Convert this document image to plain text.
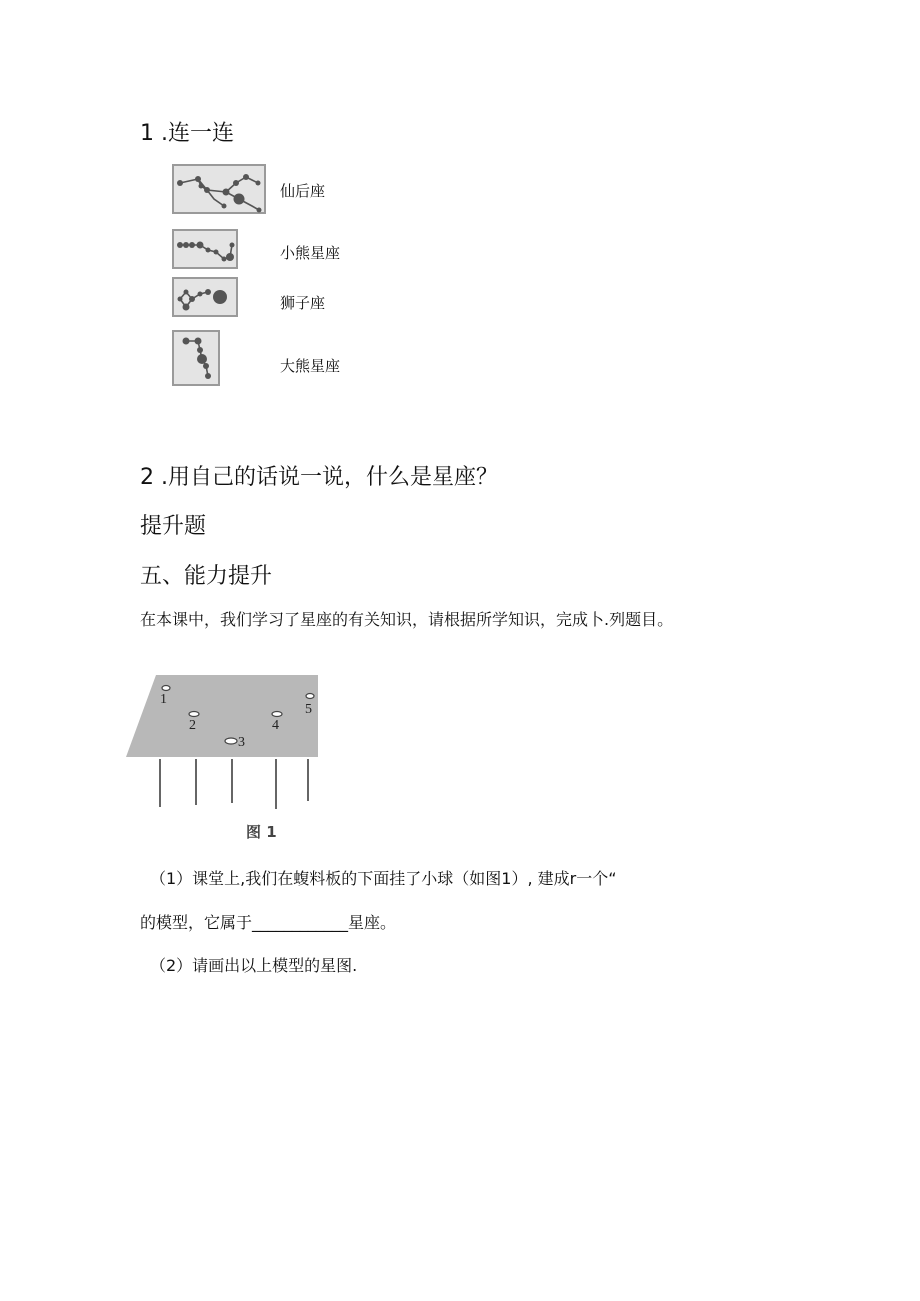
1 .连一连
仙后座
小熊星座
狮子座
大熊星座
2 .用自己的话说一说，什么是星座？
提升题
五、能力提升
在本课中，我们学习了星座的有关知识，请根据所学知识，完成卜.列题目。
1
2
3
4
5
图 1
（1）课堂上,我们在蝮料板的下面挂了小球（如图1）, 建成r一个“
的模型，它属于____________星座。
（2）请画出以上模型的星图.
